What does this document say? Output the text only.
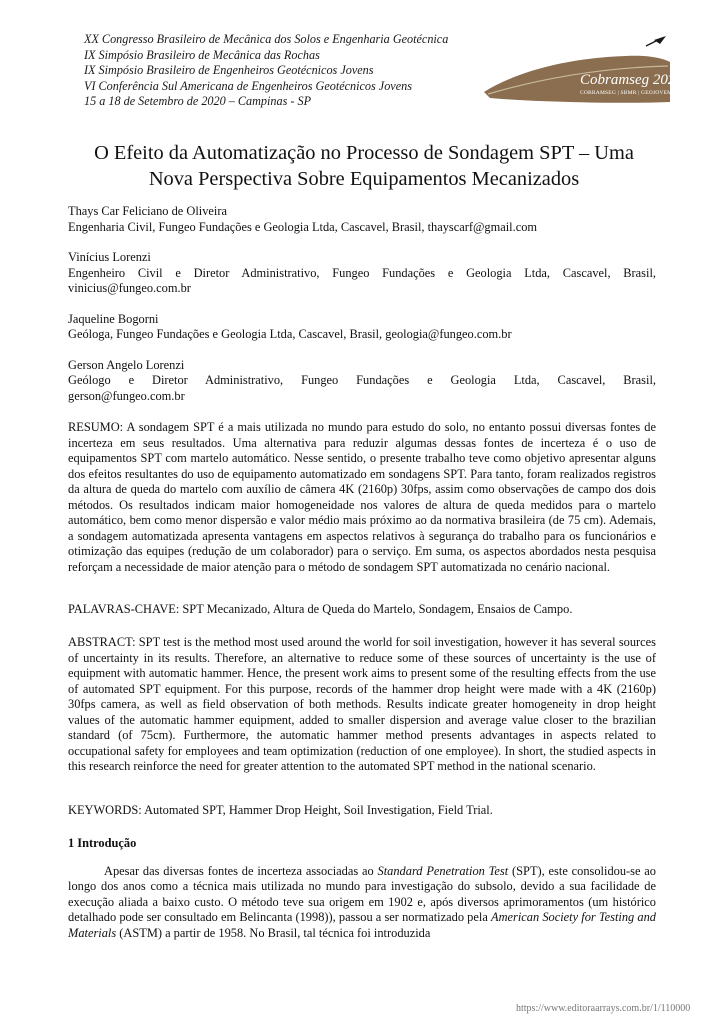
XX Congresso Brasileiro de Mecânica dos Solos e Engenharia Geotécnica
IX Simpósio Brasileiro de Mecânica das Rochas
IX Simpósio Brasileiro de Engenheiros Geotécnicos Jovens
VI Conferência Sul Americana de Engenheiros Geotécnicos Jovens
15 a 18 de Setembro de 2020 – Campinas - SP
Cobramseg 2020
COBRAMSEG | SBMR | GEOJOVEM
O Efeito da Automatização no Processo de Sondagem SPT – Uma
Nova Perspectiva Sobre Equipamentos Mecanizados
Thays Car Feliciano de Oliveira
Engenharia Civil, Fungeo Fundações e Geologia Ltda, Cascavel, Brasil, thayscarf@gmail.com
Vinícius Lorenzi
Engenheiro Civil e Diretor Administrativo, Fungeo Fundações e Geologia Ltda, Cascavel, Brasil,
vinicius@fungeo.com.br
Jaqueline Bogorni
Geóloga, Fungeo Fundações e Geologia Ltda, Cascavel, Brasil, geologia@fungeo.com.br
Gerson Angelo Lorenzi
Geólogo e Diretor Administrativo, Fungeo Fundações e Geologia Ltda, Cascavel, Brasil,
gerson@fungeo.com.br

RESUMO: A sondagem SPT é a mais utilizada no mundo para estudo do solo, no entanto possui diversas fontes de incerteza em seus resultados. Uma alternativa para reduzir algumas dessas fontes de incerteza é o uso de equipamentos SPT com martelo automático. Nesse sentido, o presente trabalho teve como objetivo apresentar alguns dos efeitos resultantes do uso de equipamento automatizado em sondagens SPT. Para tanto, foram realizados registros da altura de queda do martelo com auxílio de câmera 4K (2160p) 30fps, assim como observações de campo dos dois métodos. Os resultados indicam maior homogeneidade nos valores de altura de queda medidos para o martelo automático, bem como menor dispersão e valor médio mais próximo ao da normativa brasileira (de 75 cm). Ademais, a sondagem automatizada apresenta vantagens em aspectos relativos à segurança do trabalho para os funcionários e otimização das equipes (redução de um colaborador) para o serviço. Em suma, os aspectos abordados nesta pesquisa reforçam a necessidade de maior atenção para o método de sondagem SPT automatizada no cenário nacional.

PALAVRAS-CHAVE: SPT Mecanizado, Altura de Queda do Martelo, Sondagem, Ensaios de Campo.

ABSTRACT: SPT test is the method most used around the world for soil investigation, however it has several sources of uncertainty in its results. Therefore, an alternative to reduce some of these sources of uncertainty is the use of equipment with automatic hammer. Hence, the present work aims to present some of the resulting effects from the use of automated SPT equipment. For this purpose, records of the hammer drop height were made with a 4K (2160p) 30fps camera, as well as field observation of both methods. Results indicate greater homogeneity in drop height values of the automatic hammer equipment, added to smaller dispersion and average value closer to the brazilian standard (of 75cm). Furthermore, the automatic hammer method presents advantages in aspects related to occupational safety for employees and team optimization (reduction of one employee). In short, the studied aspects in this research reinforce the need for greater attention to the automated SPT method in the national scenario.

KEYWORDS: Automated SPT, Hammer Drop Height, Soil Investigation, Field Trial.

1 Introdução

Apesar das diversas fontes de incerteza associadas ao Standard Penetration Test (SPT), este consolidou-se ao longo dos anos como a técnica mais utilizada no mundo para investigação do subsolo, devido a sua facilidade de execução aliada a baixo custo. O método teve sua origem em 1902 e, após diversos aprimoramentos (um histórico detalhado pode ser consultado em Belincanta (1998)), passou a ser normatizado pela American Society for Testing and Materials (ASTM) a partir de 1958. No Brasil, tal técnica foi introduzida

https://www.editoraarrays.com.br/1/110000
